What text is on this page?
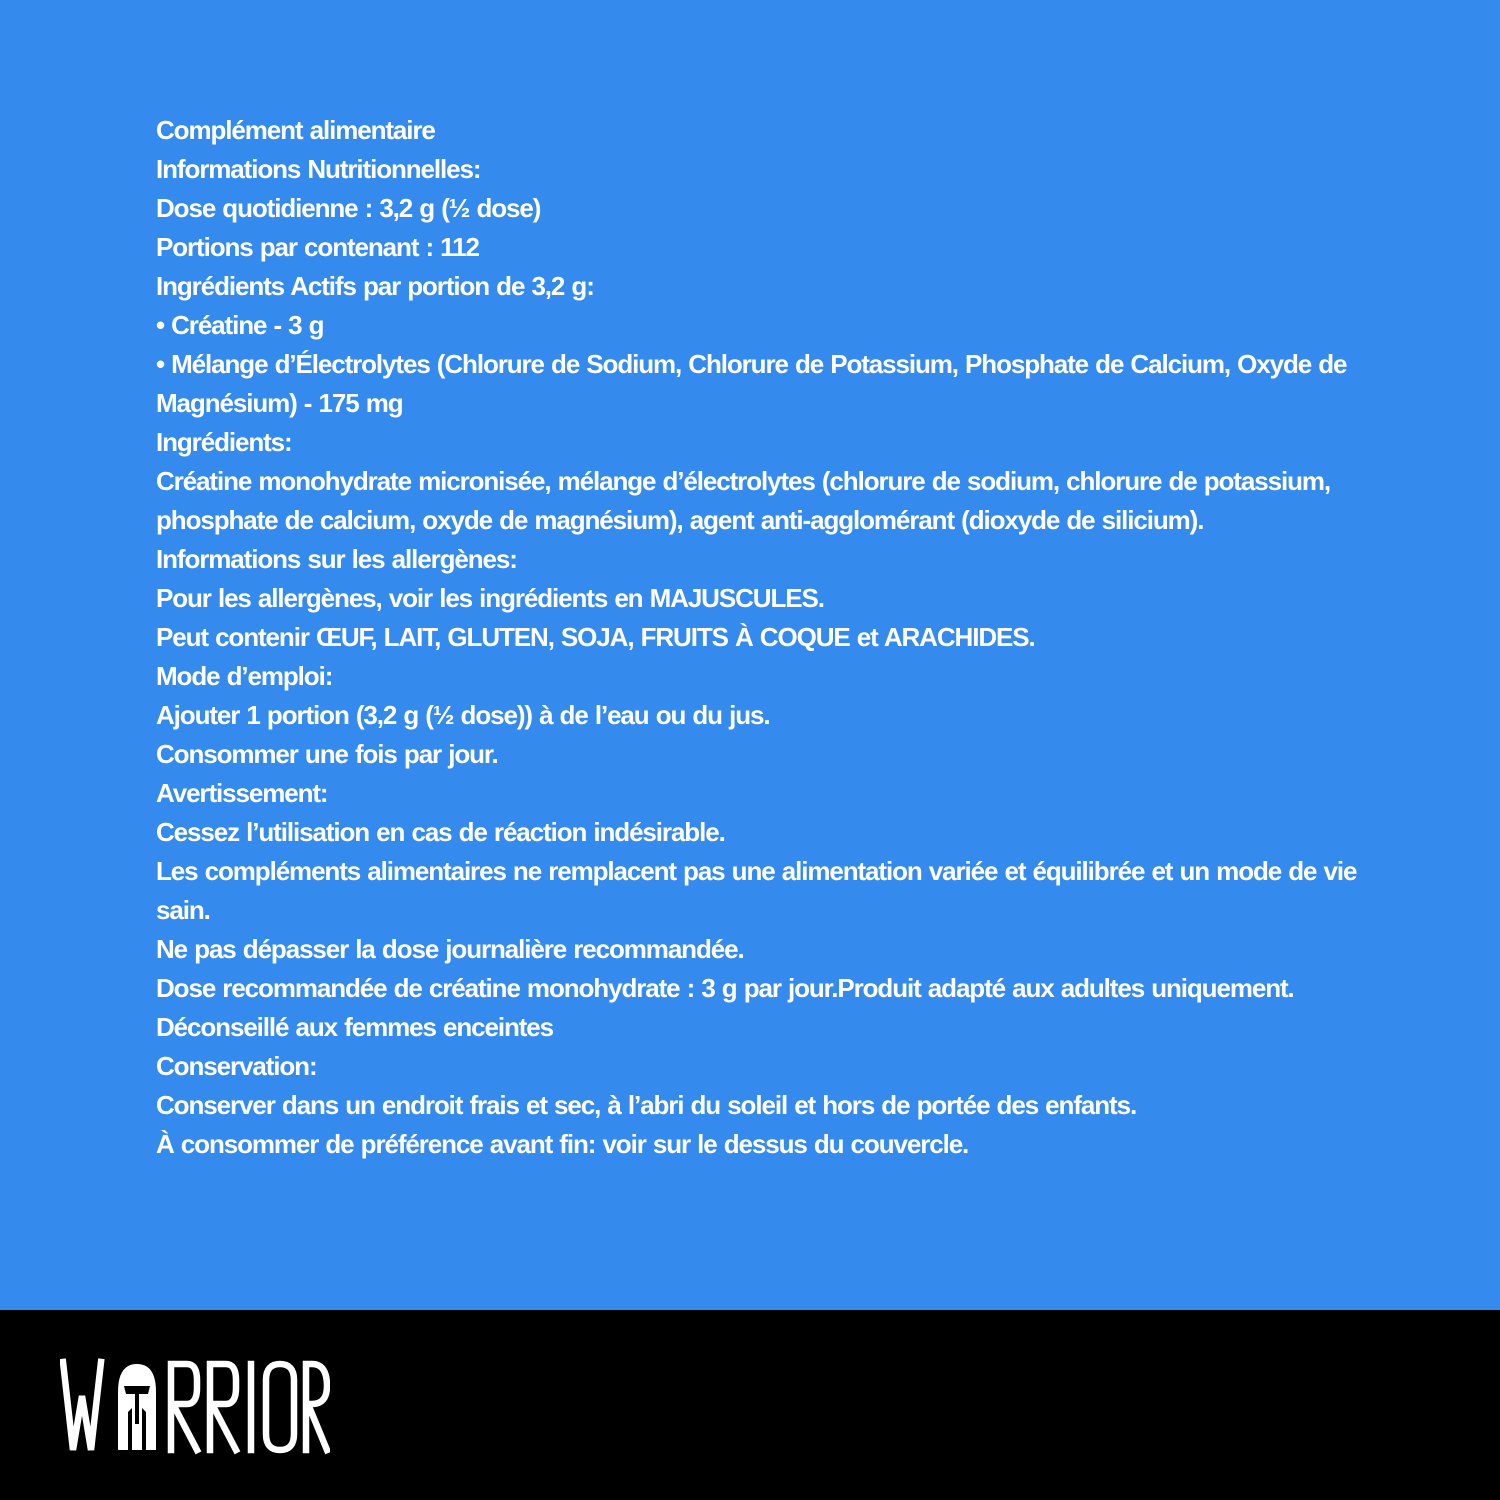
Complément alimentaire

Informations Nutritionnelles:

Dose quotidienne : 3,2 g (½ dose)

Portions par contenant : 112

Ingrédients Actifs par portion de 3,2 g:

• Créatine - 3 g

• Mélange d’Électrolytes (Chlorure de Sodium, Chlorure de Potassium, Phosphate de Calcium, Oxyde de Magnésium) - 175 mg

Ingrédients:

Créatine monohydrate micronisée, mélange d’électrolytes (chlorure de sodium, chlorure de potassium, phosphate de calcium, oxyde de magnésium), agent anti-agglomérant (dioxyde de silicium).

Informations sur les allergènes:

Pour les allergènes, voir les ingrédients en MAJUSCULES.

Peut contenir ŒUF, LAIT, GLUTEN, SOJA, FRUITS À COQUE et ARACHIDES.

Mode d’emploi:

Ajouter 1 portion (3,2 g (½ dose)) à de l’eau ou du jus.

Consommer une fois par jour.

Avertissement:

Cessez l’utilisation en cas de réaction indésirable.

Les compléments alimentaires ne remplacent pas une alimentation variée et équilibrée et un mode de vie sain.

Ne pas dépasser la dose journalière recommandée.

Dose recommandée de créatine monohydrate : 3 g par jour.Produit adapté aux adultes uniquement. Déconseillé aux femmes enceintes

Conservation:

Conserver dans un endroit frais et sec, à l’abri du soleil et hors de portée des enfants.

À consommer de préférence avant fin: voir sur le dessus du couvercle.
